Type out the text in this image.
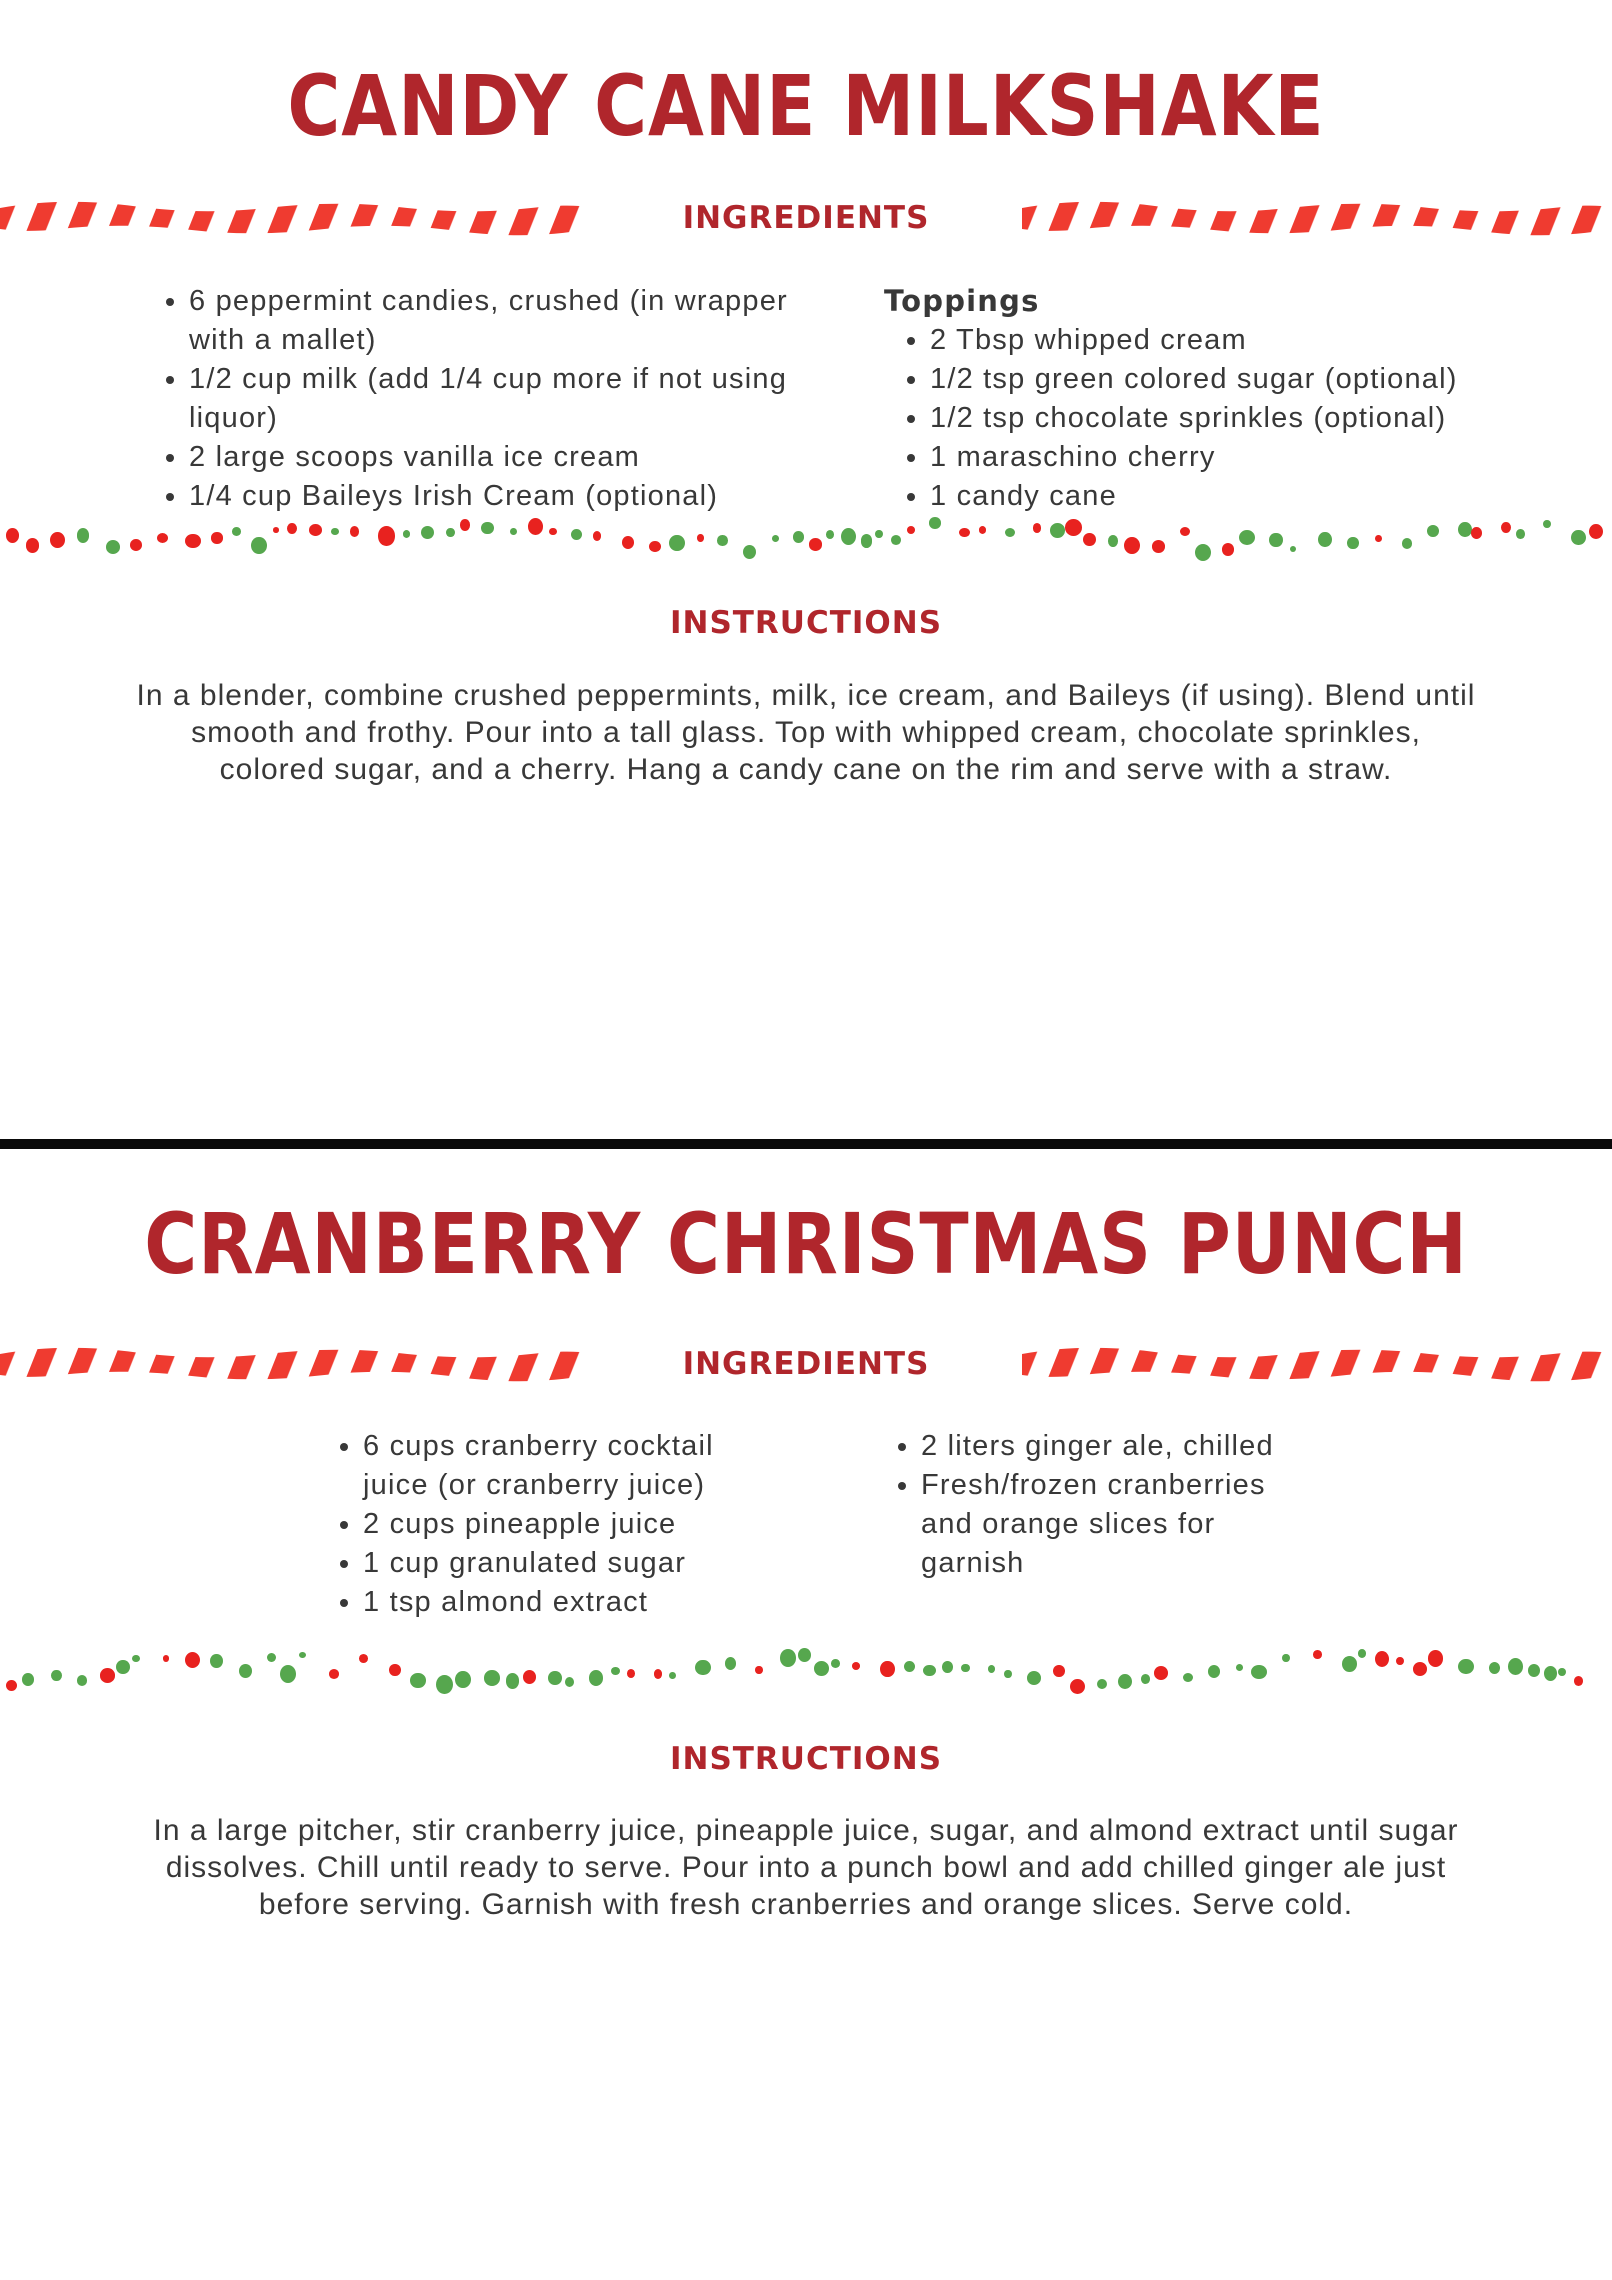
CANDY CANE MILKSHAKE
INGREDIENTS
• 6 peppermint candies, crushed (in wrapper with a mallet)
• 1/2 cup milk (add 1/4 cup more if not using liquor)
• 2 large scoops vanilla ice cream
• 1/4 cup Baileys Irish Cream (optional)
Toppings
• 2 Tbsp whipped cream
• 1/2 tsp green colored sugar (optional)
• 1/2 tsp chocolate sprinkles (optional)
• 1 maraschino cherry
• 1 candy cane
INSTRUCTIONS

In a blender, combine crushed peppermints, milk, ice cream, and Baileys (if using). Blend until smooth and frothy. Pour into a tall glass. Top with whipped cream, chocolate sprinkles, colored sugar, and a cherry. Hang a candy cane on the rim and serve with a straw.

CRANBERRY CHRISTMAS PUNCH
INGREDIENTS
• 6 cups cranberry cocktail juice (or cranberry juice)
• 2 cups pineapple juice
• 1 cup granulated sugar
• 1 tsp almond extract
• 2 liters ginger ale, chilled
• Fresh/frozen cranberries and orange slices for garnish
INSTRUCTIONS

In a large pitcher, stir cranberry juice, pineapple juice, sugar, and almond extract until sugar dissolves. Chill until ready to serve. Pour into a punch bowl and add chilled ginger ale just before serving. Garnish with fresh cranberries and orange slices. Serve cold.
